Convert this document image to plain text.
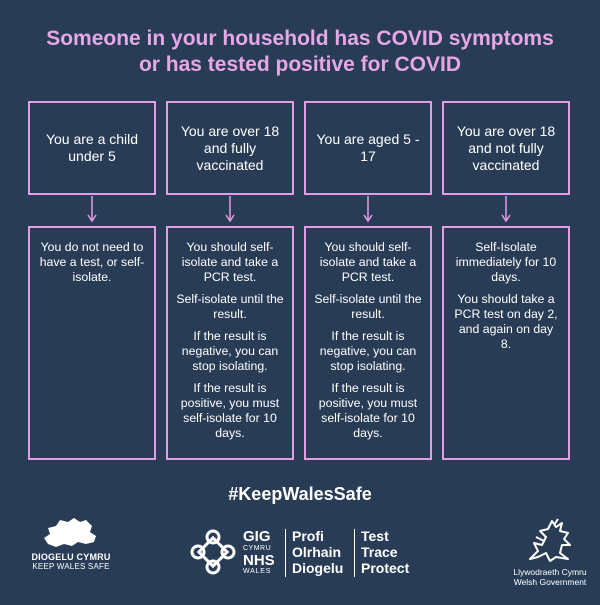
Someone in your household has COVID symptoms
or has tested positive for COVID
You are a child under 5

You do not need to have a test, or self-isolate.

You are over 18 and fully vaccinated

You should self-isolate and take a PCR test.

Self-isolate until the result.

If the result is negative, you can stop isolating.

If the result is positive, you must self-isolate for 10 days.

You are aged 5 - 17

You should self-isolate and take a PCR test.

Self-isolate until the result.

If the result is negative, you can stop isolating.

If the result is positive, you must self-isolate for 10 days.

You are over 18 and not fully vaccinated

Self-Isolate immediately for 10 days.

You should take a PCR test on day 2, and again on day 8.

#KeepWalesSafe
DIOGELU CYMRU
KEEP WALES SAFE
GIG
CYMRU
NHS
WALES
Profi
Olrhain
Diogelu
Test
Trace
Protect	Llywodraeth Cymru
Welsh Government
